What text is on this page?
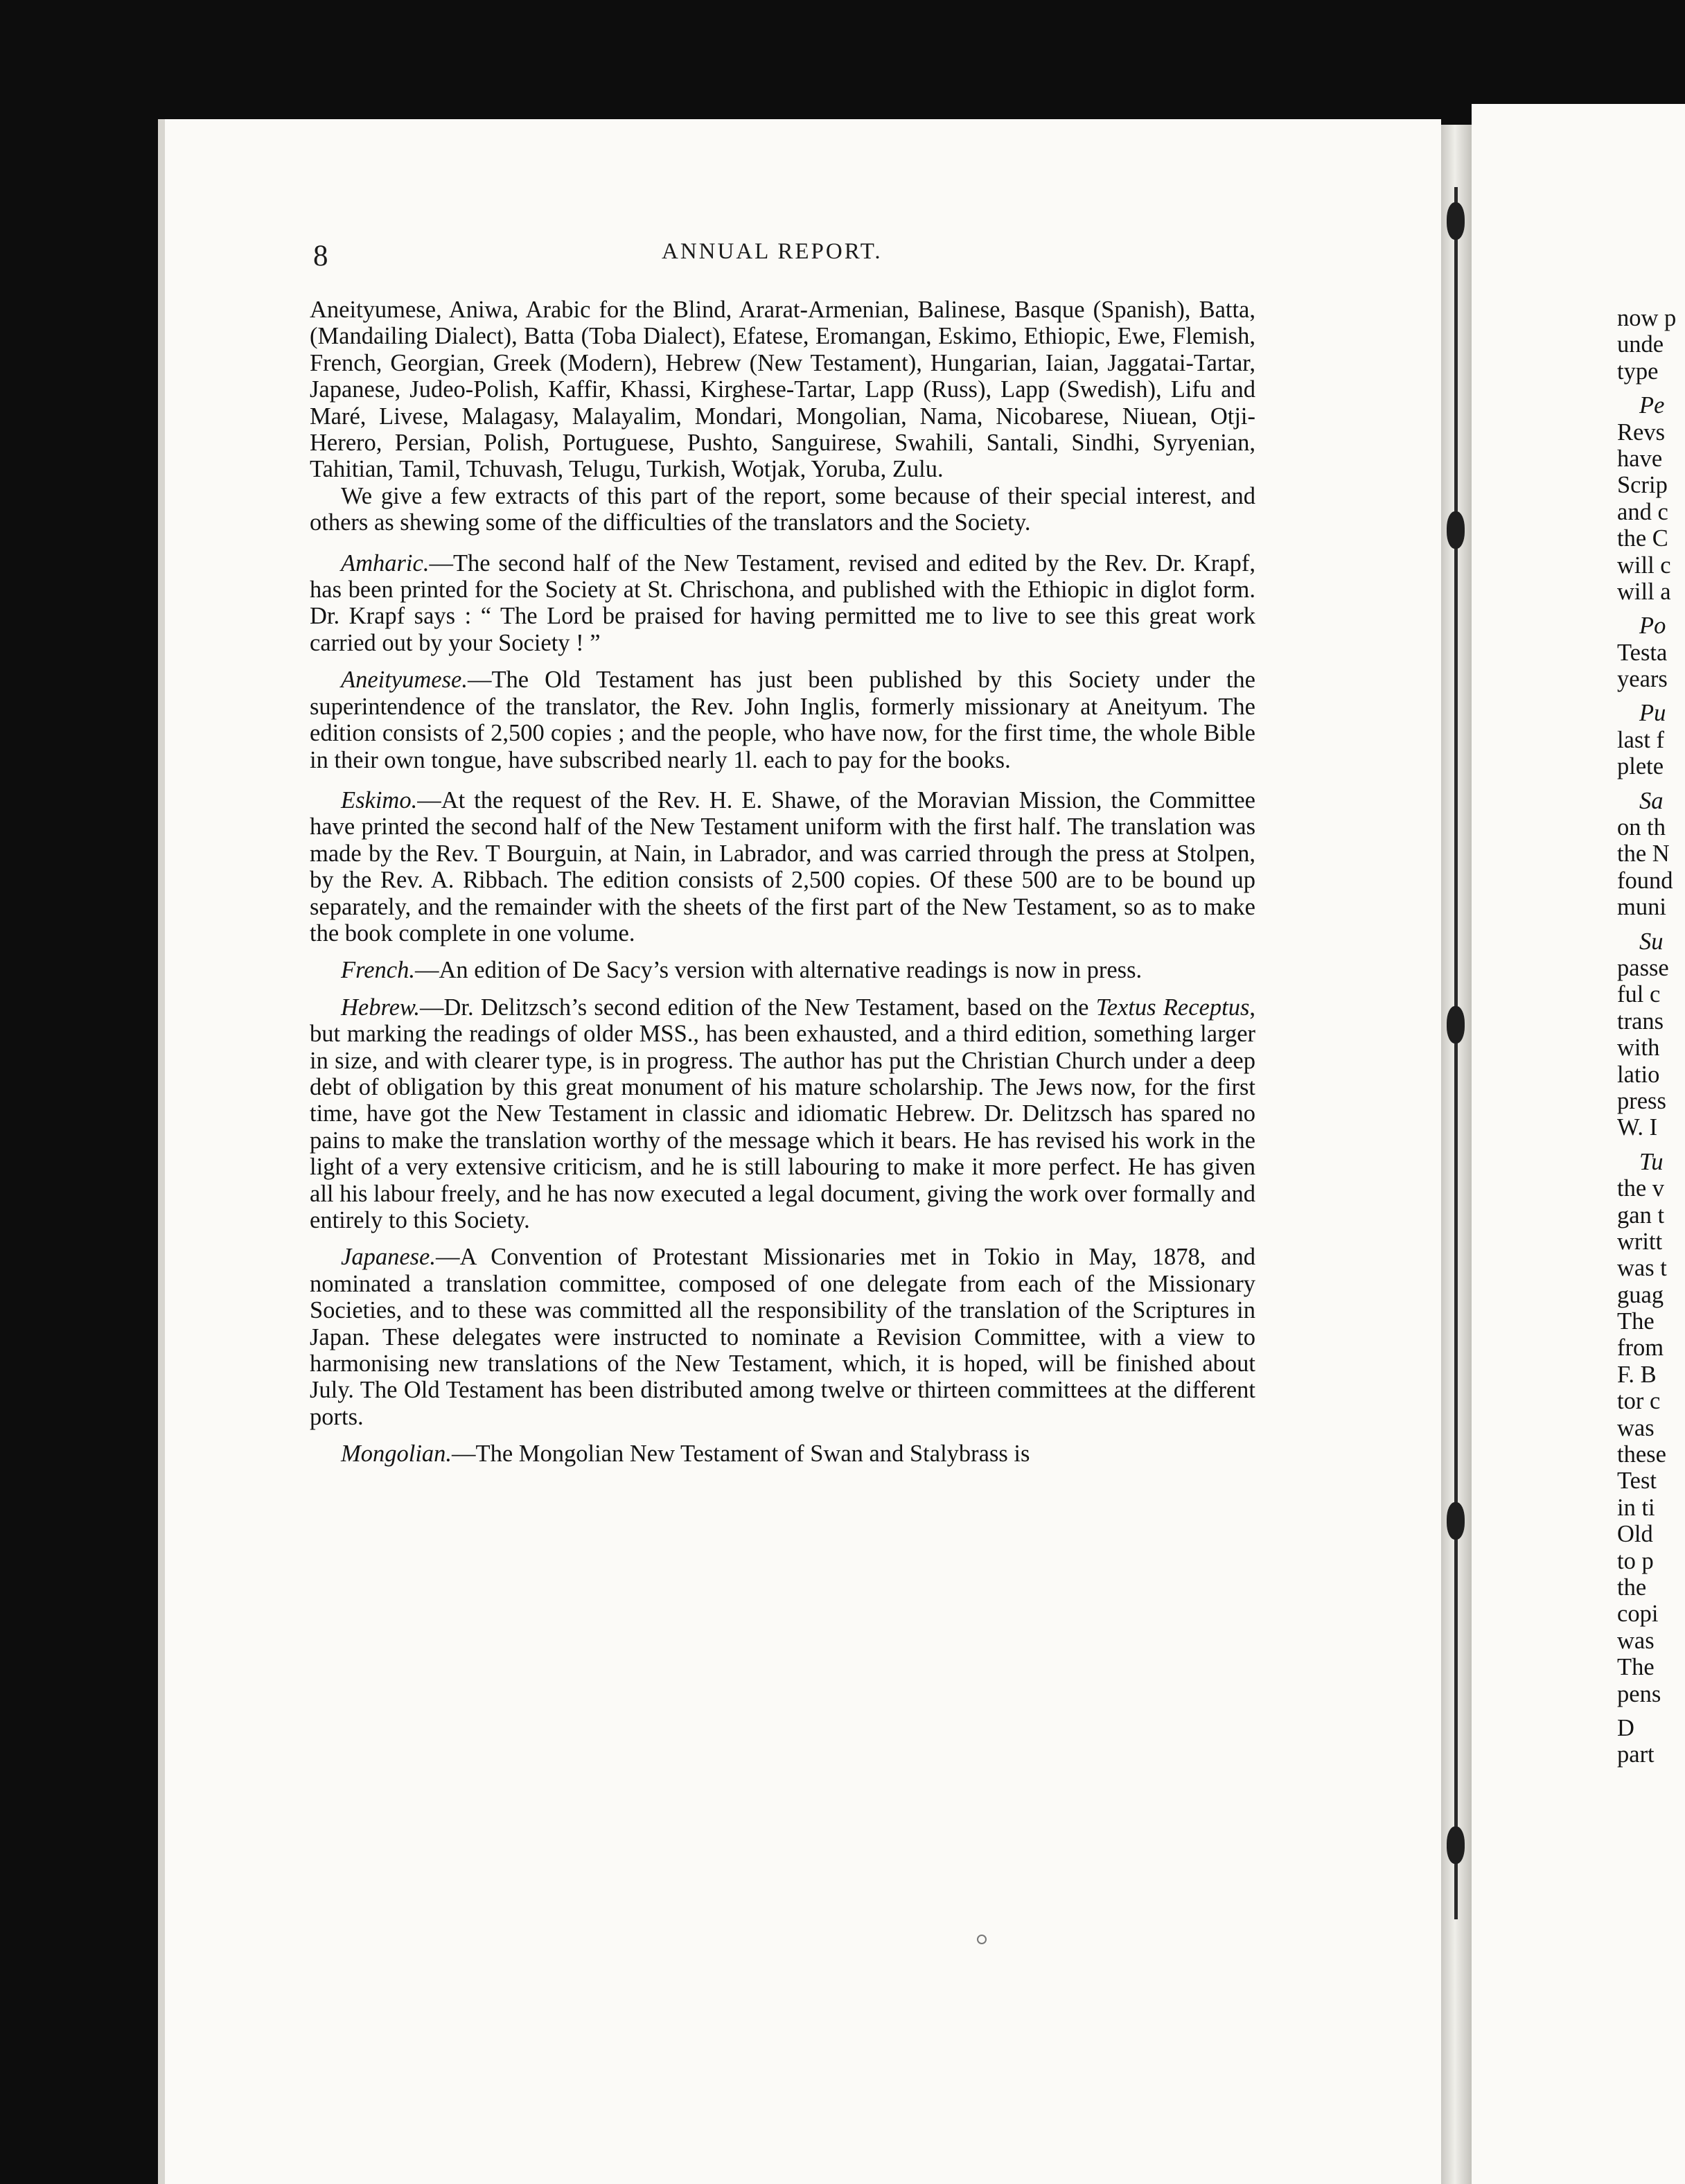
8	ANNUAL REPORT.

Aneityumese, Aniwa, Arabic for the Blind, Ararat-Armenian, Balinese, Basque (Spanish), Batta, (Mandailing Dialect), Batta (Toba Dialect), Efatese, Eromangan, Eskimo, Ethiopic, Ewe, Flemish, French, Georgian, Greek (Modern), Hebrew (New Testament), Hungarian, Iaian, Jaggatai-Tartar, Japanese, Judeo-Polish, Kaffir, Khassi, Kirghese-Tartar, Lapp (Russ), Lapp (Swedish), Lifu and Maré, Livese, Malagasy, Malayalim, Mondari, Mongolian, Nama, Nicobarese, Niuean, Otji-Herero, Persian, Polish, Portuguese, Pushto, Sanguirese, Swahili, Santali, Sindhi, Syryenian, Tahitian, Tamil, Tchuvash, Telugu, Turkish, Wotjak, Yoruba, Zulu.

We give a few extracts of this part of the report, some because of their special interest, and others as shewing some of the difficulties of the translators and the Society.

Amharic.—The second half of the New Testament, revised and edited by the Rev. Dr. Krapf, has been printed for the Society at St. Chrischona, and published with the Ethiopic in diglot form. Dr. Krapf says : “ The Lord be praised for having permitted me to live to see this great work carried out by your Society ! ”

Aneityumese.—The Old Testament has just been published by this Society under the superintendence of the translator, the Rev. John Inglis, formerly missionary at Aneityum. The edition consists of 2,500 copies ; and the people, who have now, for the first time, the whole Bible in their own tongue, have subscribed nearly 1l. each to pay for the books.

Eskimo.—At the request of the Rev. H. E. Shawe, of the Moravian Mission, the Committee have printed the second half of the New Testament uniform with the first half. The translation was made by the Rev. T Bourguin, at Nain, in Labrador, and was carried through the press at Stolpen, by the Rev. A. Ribbach. The edition consists of 2,500 copies. Of these 500 are to be bound up separately, and the remainder with the sheets of the first part of the New Testament, so as to make the book complete in one volume.

French.—An edition of De Sacy’s version with alternative readings is now in press.

Hebrew.—Dr. Delitzsch’s second edition of the New Testament, based on the Textus Receptus, but marking the readings of older MSS., has been exhausted, and a third edition, something larger in size, and with clearer type, is in progress. The author has put the Christian Church under a deep debt of obligation by this great monument of his mature scholarship. The Jews now, for the first time, have got the New Testament in classic and idiomatic Hebrew. Dr. Delitzsch has spared no pains to make the translation worthy of the message which it bears. He has revised his work in the light of a very extensive criticism, and he is still labouring to make it more perfect. He has given all his labour freely, and he has now executed a legal document, giving the work over formally and entirely to this Society.

Japanese.—A Convention of Protestant Missionaries met in Tokio in May, 1878, and nominated a translation committee, composed of one delegate from each of the Missionary Societies, and to these was committed all the responsibility of the translation of the Scriptures in Japan. These delegates were instructed to nominate a Revision Committee, with a view to harmonising new translations of the New Testament, which, it is hoped, will be finished about July. The Old Testament has been distributed among twelve or thirteen committees at the different ports.

Mongolian.—The Mongolian New Testament of Swan and Stalybrass is

now p
unde
type
Pe
Revs
have
Scrip
and c
the C
will c
will a
Po
Testa
years
Pu
last f
plete
Sa
on th
the N
found
muni
Su
passe
ful c
trans
with
latio
press
W. I
Tu
the v
gan t
writt
was t
guag
The
from
F. B
tor c
was
these
Test
in ti
Old
to p
the
copi
was
The
pens
D
part
